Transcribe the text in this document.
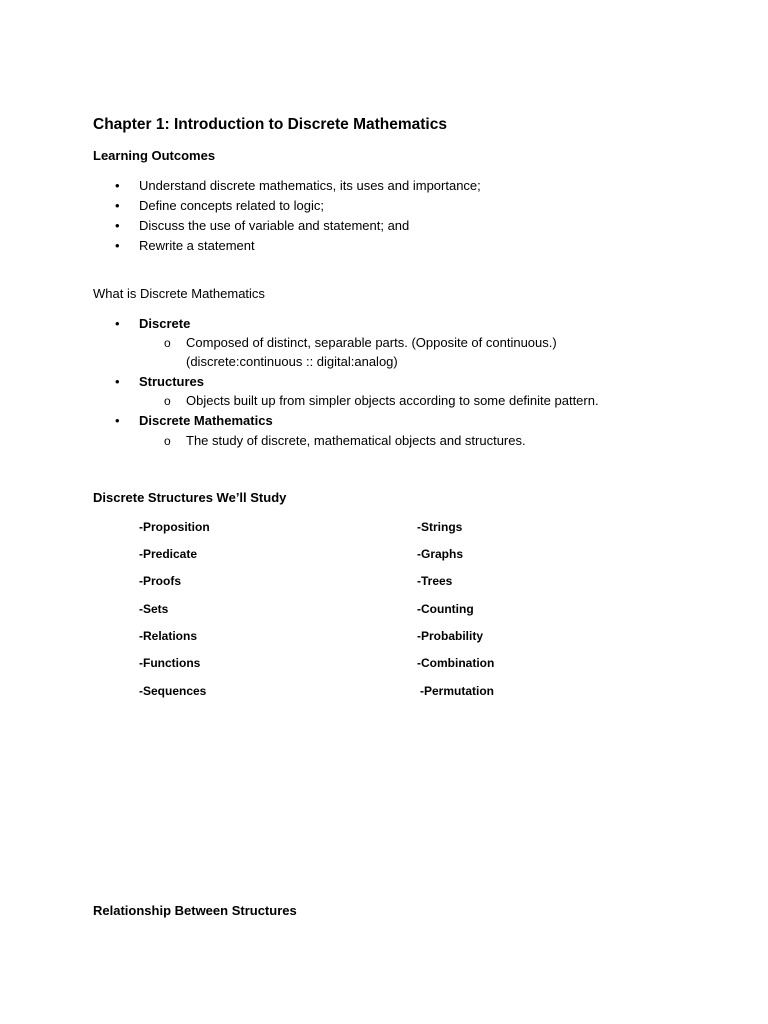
Chapter 1: Introduction to Discrete Mathematics
Learning Outcomes
• Understand discrete mathematics, its uses and importance;
• Define concepts related to logic;
• Discuss the use of variable and statement; and
• Rewrite a statement
What is Discrete Mathematics
• Discrete
o Composed of distinct, separable parts. (Opposite of continuous.)
(discrete:continuous :: digital:analog)
• Structures
o Objects built up from simpler objects according to some definite pattern.
• Discrete Mathematics
o The study of discrete, mathematical objects and structures.
Discrete Structures We’ll Study
-Proposition
-Predicate
-Proofs
-Sets
-Relations
-Functions
-Sequences
-Strings
-Graphs
-Trees
-Counting
-Probability
-Combination
-Permutation
Relationship Between Structures
